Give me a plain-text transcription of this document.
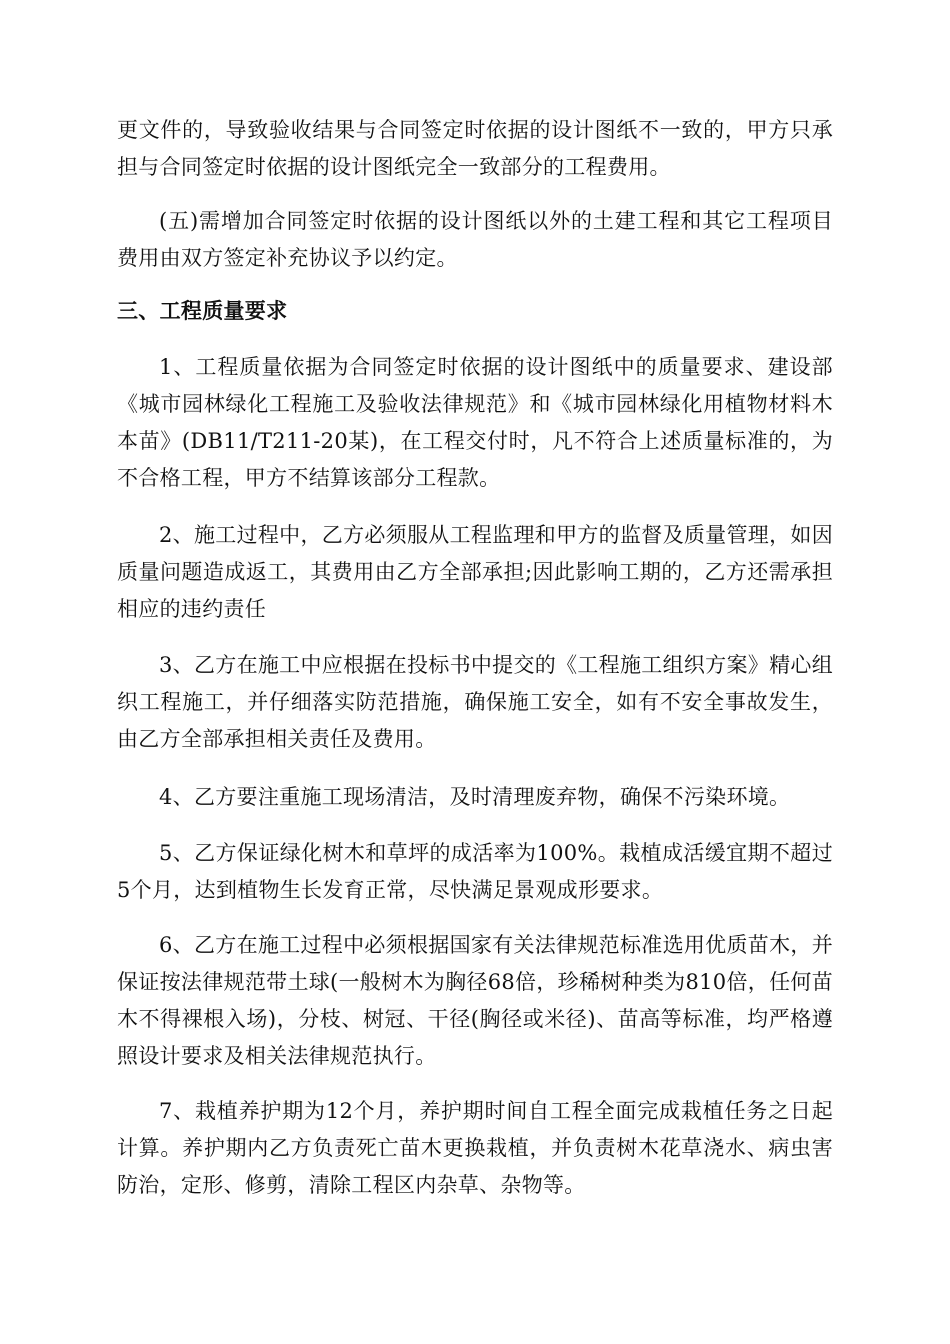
更文件的，导致验收结果与合同签定时依据的设计图纸不一致的，甲方只承担与合同签定时依据的设计图纸完全一致部分的工程费用。

(五)需增加合同签定时依据的设计图纸以外的土建工程和其它工程项目费用由双方签定补充协议予以约定。

三、工程质量要求

1、工程质量依据为合同签定时依据的设计图纸中的质量要求、建设部《城市园林绿化工程施工及验收法律规范》和《城市园林绿化用植物材料木本苗》(DB11/T211-20某)，在工程交付时，凡不符合上述质量标准的，为不合格工程，甲方不结算该部分工程款。

2、施工过程中，乙方必须服从工程监理和甲方的监督及质量管理，如因质量问题造成返工，其费用由乙方全部承担;因此影响工期的，乙方还需承担相应的违约责任

3、乙方在施工中应根据在投标书中提交的《工程施工组织方案》精心组织工程施工，并仔细落实防范措施，确保施工安全，如有不安全事故发生，由乙方全部承担相关责任及费用。

4、乙方要注重施工现场清洁，及时清理废弃物，确保不污染环境。

5、乙方保证绿化树木和草坪的成活率为100%。栽植成活缓宜期不超过5个月，达到植物生长发育正常，尽快满足景观成形要求。

6、乙方在施工过程中必须根据国家有关法律规范标准选用优质苗木，并保证按法律规范带土球(一般树木为胸径68倍，珍稀树种类为810倍，任何苗木不得裸根入场)，分枝、树冠、干径(胸径或米径)、苗高等标准，均严格遵照设计要求及相关法律规范执行。

7、栽植养护期为12个月，养护期时间自工程全面完成栽植任务之日起计算。养护期内乙方负责死亡苗木更换栽植，并负责树木花草浇水、病虫害防治，定形、修剪，清除工程区内杂草、杂物等。
